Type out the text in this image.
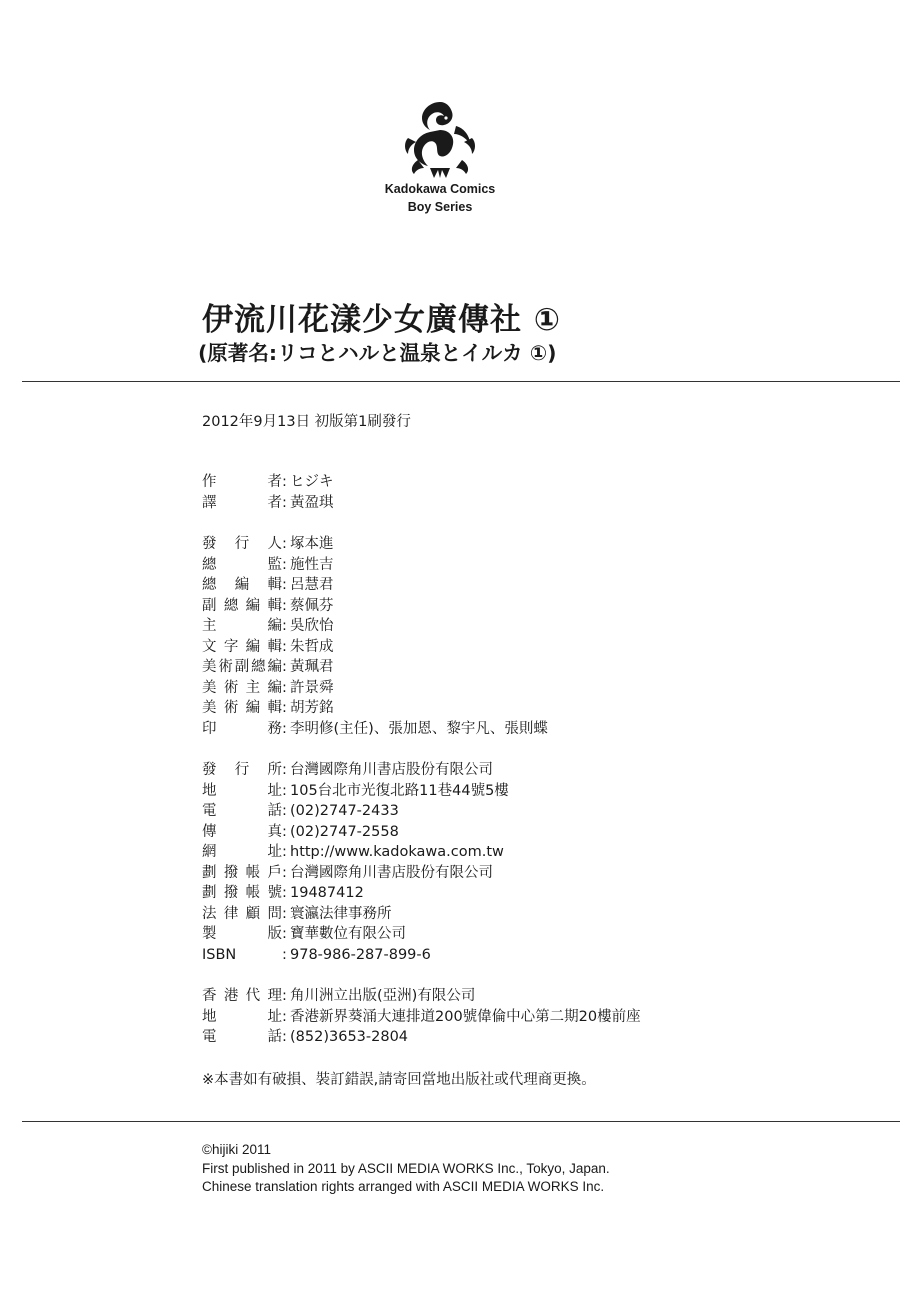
Kadokawa Comics
Boy Series
伊流川花漾少女廣傳社 ①
(原著名:リコとハルと温泉とイルカ ①)
2012年9月13日 初版第1刷發行
作者 : ヒジキ
譯者 : 黃盈琪
發行人 : 塚本進
總監 : 施性吉
總編輯 : 呂慧君
副總編輯 : 蔡佩芬
主編 : 吳欣怡
文字編輯 : 朱哲成
美術副總編 : 黃珮君
美術主編 : 許景舜
美術編輯 : 胡芳銘
印務 : 李明修(主任)、張加恩、黎宇凡、張則蝶
發行所 : 台灣國際角川書店股份有限公司
地址 : 105台北市光復北路11巷44號5樓
電話 : (02)2747-2433
傳真 : (02)2747-2558
網址 : http://www.kadokawa.com.tw
劃撥帳戶 : 台灣國際角川書店股份有限公司
劃撥帳號 : 19487412
法律顧問 : 寰瀛法律事務所
製版 : 寶華數位有限公司
ISBN	: 978-986-287-899-6
香港代理 : 角川洲立出版(亞洲)有限公司
地址 : 香港新界葵涌大連排道200號偉倫中心第二期20樓前座
電話 : (852)3653-2804
※本書如有破損、裝訂錯誤,請寄回當地出版社或代理商更換。
©hijiki 2011
First published in 2011 by ASCII MEDIA WORKS Inc., Tokyo, Japan.
Chinese translation rights arranged with ASCII MEDIA WORKS Inc.
